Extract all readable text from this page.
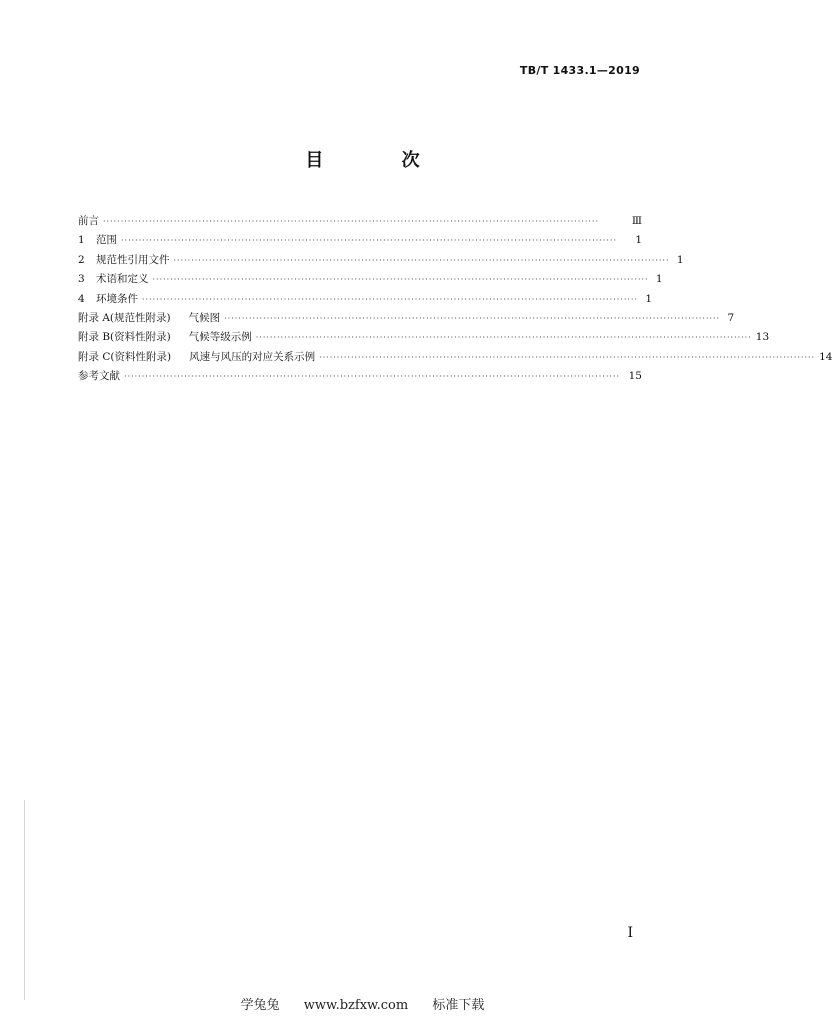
TB/T 1433.1—2019
目 次
前言 ············································································································································	Ⅲ
1 范围 ············································································································································	1
2 规范性引用文件 ············································································································································ 1
3 术语和定义 ············································································································································ 1
4 环境条件 ············································································································································ 1
附录 A(规范性附录) 气候图 ············································································································································ 7
附录 B(资料性附录) 气候等级示例 ············································································································································ 13
附录 C(资料性附录) 风速与风压的对应关系示例 ············································································································································ 14
参考文献 ············································································································································ 15
I
学兔兔 www.bzfxw.com 标准下载
